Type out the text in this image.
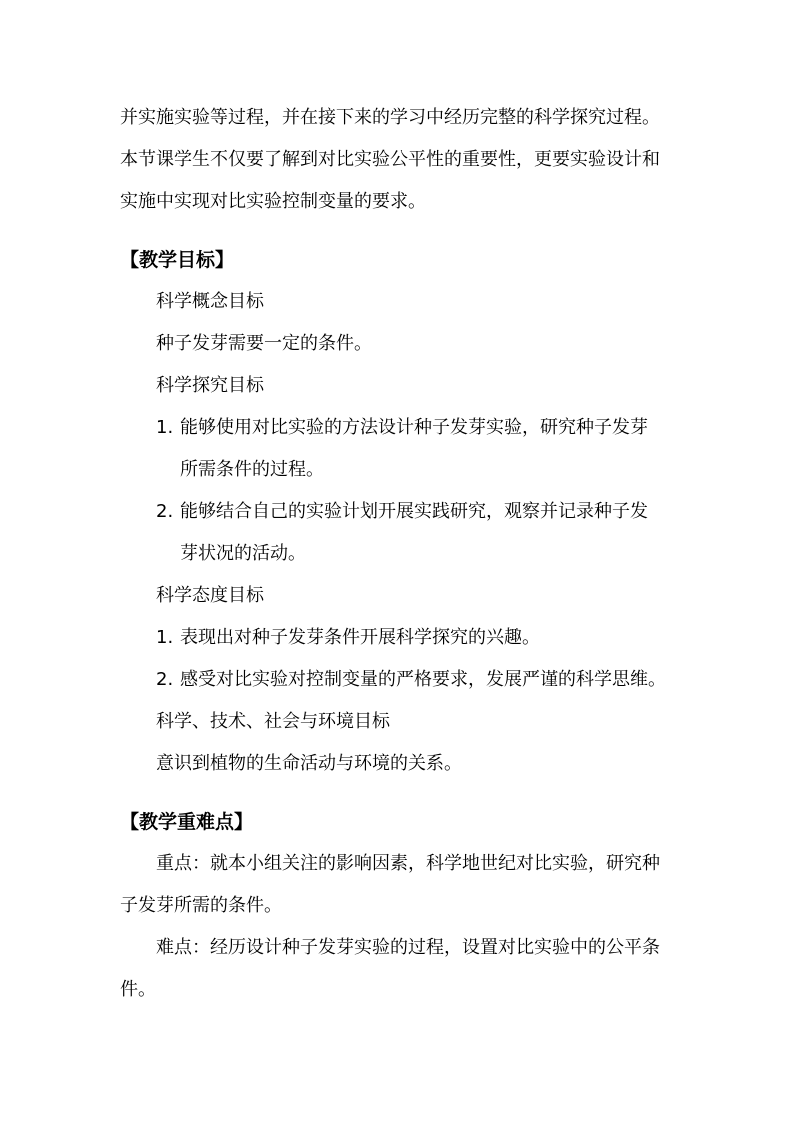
并实施实验等过程，并在接下来的学习中经历完整的科学探究过程。
本节课学生不仅要了解到对比实验公平性的重要性，更要实验设计和
实施中实现对比实验控制变量的要求。
【教学目标】
科学概念目标
种子发芽需要一定的条件。
科学探究目标
1. 能够使用对比实验的方法设计种子发芽实验，研究种子发芽
所需条件的过程。
2. 能够结合自己的实验计划开展实践研究，观察并记录种子发
芽状况的活动。
科学态度目标
1. 表现出对种子发芽条件开展科学探究的兴趣。
2. 感受对比实验对控制变量的严格要求，发展严谨的科学思维。
科学、技术、社会与环境目标
意识到植物的生命活动与环境的关系。
【教学重难点】
重点：就本小组关注的影响因素，科学地世纪对比实验，研究种
子发芽所需的条件。
难点：经历设计种子发芽实验的过程，设置对比实验中的公平条
件。
